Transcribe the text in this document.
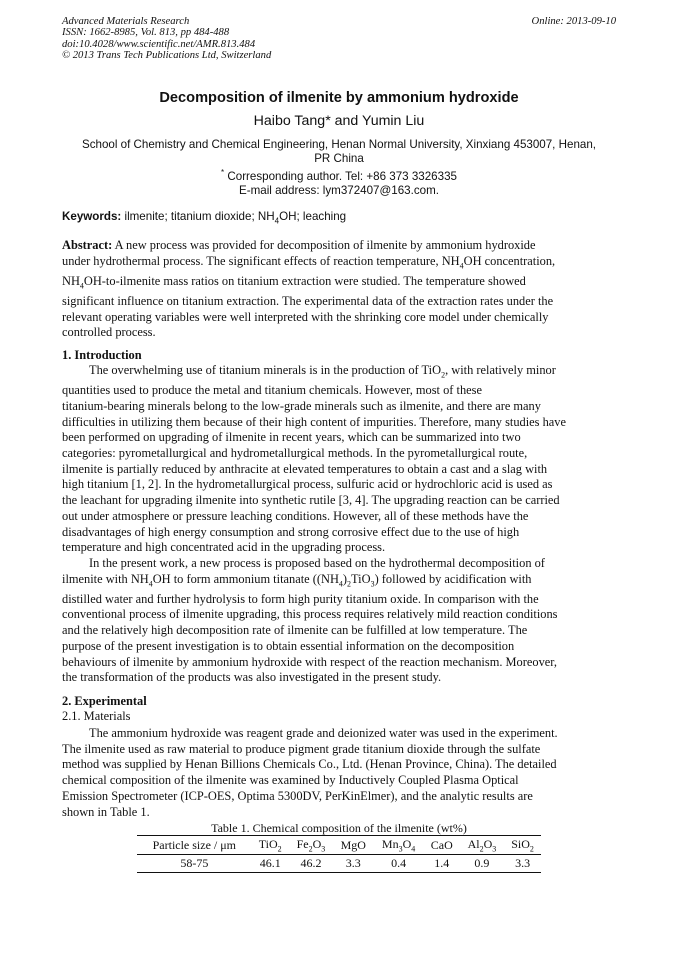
Advanced Materials Research
ISSN: 1662-8985, Vol. 813, pp 484-488
doi:10.4028/www.scientific.net/AMR.813.484
© 2013 Trans Tech Publications Ltd, Switzerland
Online: 2013-09-10
Decomposition of ilmenite by ammonium hydroxide
Haibo Tang* and Yumin Liu
School of Chemistry and Chemical Engineering, Henan Normal University, Xinxiang 453007, Henan,
PR China
* Corresponding author. Tel: +86 373 3326335
E-mail address: lym372407@163.com.
Keywords: ilmenite; titanium dioxide; $NH_4OH$; leaching
Abstract: A new process was provided for decomposition of ilmenite by ammonium hydroxide
under hydrothermal process. The significant effects of reaction temperature, $NH_4OH$ concentration,
$NH_4OH-to$-ilmenite mass ratios on titanium extraction were studied. The temperature showed
significant influence on titanium extraction. The experimental data of the extraction rates under the
relevant operating variables were well interpreted with the shrinking core model under chemically
controlled process.
1. Introduction
The overwhelming use of titanium minerals is in the production of TiO$_2$, with relatively minor
quantities used to produce the metal and titanium chemicals. However, most of these
titanium-bearing minerals belong to the low-grade minerals such as ilmenite, and there are many
difficulties in utilizing them because of their high content of impurities. Therefore, many studies have
been performed on upgrading of ilmenite in recent years, which can be summarized into two
categories: pyrometallurgical and hydrometallurgical methods. In the pyrometallurgical route,
ilmenite is partially reduced by anthracite at elevated temperatures to obtain a cast and a slag with
high titanium [1, 2]. In the hydrometallurgical process, sulfuric acid or hydrochloric acid is used as
the leachant for upgrading ilmenite into synthetic rutile [3, 4]. The upgrading reaction can be carried
out under atmosphere or pressure leaching conditions. However, all of these methods have the
disadvantages of high energy consumption and strong corrosive effect due to the use of high
temperature and high concentrated acid in the upgrading process.
In the present work, a new process is proposed based on the hydrothermal decomposition of
ilmenite with $NH_4OH$ to form ammonium titanate $((NH_4)_2TiO_3)$ followed by acidification with
distilled water and further hydrolysis to form high purity titanium oxide. In comparison with the
conventional process of ilmenite upgrading, this process requires relatively mild reaction conditions
and the relatively high decomposition rate of ilmenite can be fulfilled at low temperature. The
purpose of the present investigation is to obtain essential information on the decomposition
behaviours of ilmenite by ammonium hydroxide with respect of the reaction mechanism. Moreover,
the transformation of the products was also investigated in the present study.
2. Experimental
2.1. Materials
The ammonium hydroxide was reagent grade and deionized water was used in the experiment.
The ilmenite used as raw material to produce pigment grade titanium dioxide through the sulfate
method was supplied by Henan Billions Chemicals Co., Ltd. (Henan Province, China). The detailed
chemical composition of the ilmenite was examined by Inductively Coupled Plasma Optical
Emission Spectrometer (ICP-OES, Optima 5300DV, PerKinElmer), and the analytic results are
shown in Table 1.
Table 1. Chemical composition of the ilmenite (wt%)
Particle size / μm	TiO$_2$	$Fe_2O_3$	MgO	$Mn_3O_4$	CaO	$Al_2O_3$	SiO$_2$
58-75	46.1	46.2	3.3	0.4	1.4	0.9	3.3
